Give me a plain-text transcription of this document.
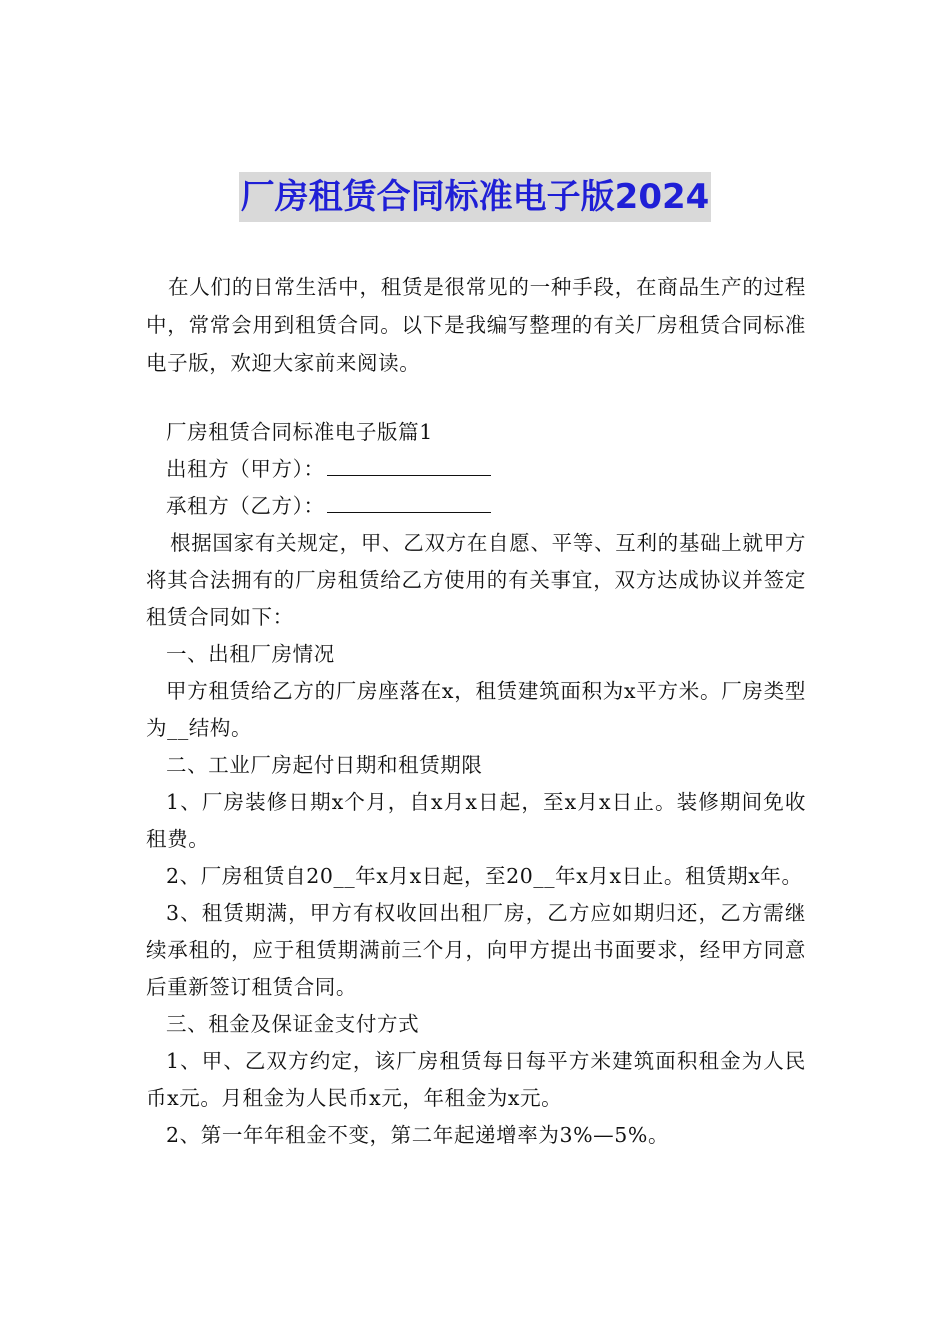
厂房租赁合同标准电子版2024

在人们的日常生活中，租赁是很常见的一种手段，在商品生产的过程中，常常会用到租赁合同。以下是我编写整理的有关厂房租赁合同标准电子版，欢迎大家前来阅读。

厂房租赁合同标准电子版篇1

出租方（甲方）：

承租方（乙方）：

根据国家有关规定，甲、乙双方在自愿、平等、互利的基础上就甲方将其合法拥有的厂房租赁给乙方使用的有关事宜，双方达成协议并签定租赁合同如下：

一、出租厂房情况

甲方租赁给乙方的厂房座落在x，租赁建筑面积为x平方米。厂房类型为__结构。

二、工业厂房起付日期和租赁期限

1、厂房装修日期x个月，自x月x日起，至x月x日止。装修期间免收租费。

2、厂房租赁自20__年x月x日起，至20__年x月x日止。租赁期x年。

3、租赁期满，甲方有权收回出租厂房，乙方应如期归还，乙方需继续承租的，应于租赁期满前三个月，向甲方提出书面要求，经甲方同意后重新签订租赁合同。

三、租金及保证金支付方式

1、甲、乙双方约定，该厂房租赁每日每平方米建筑面积租金为人民币x元。月租金为人民币x元，年租金为x元。

2、第一年年租金不变，第二年起递增率为3%—5%。
